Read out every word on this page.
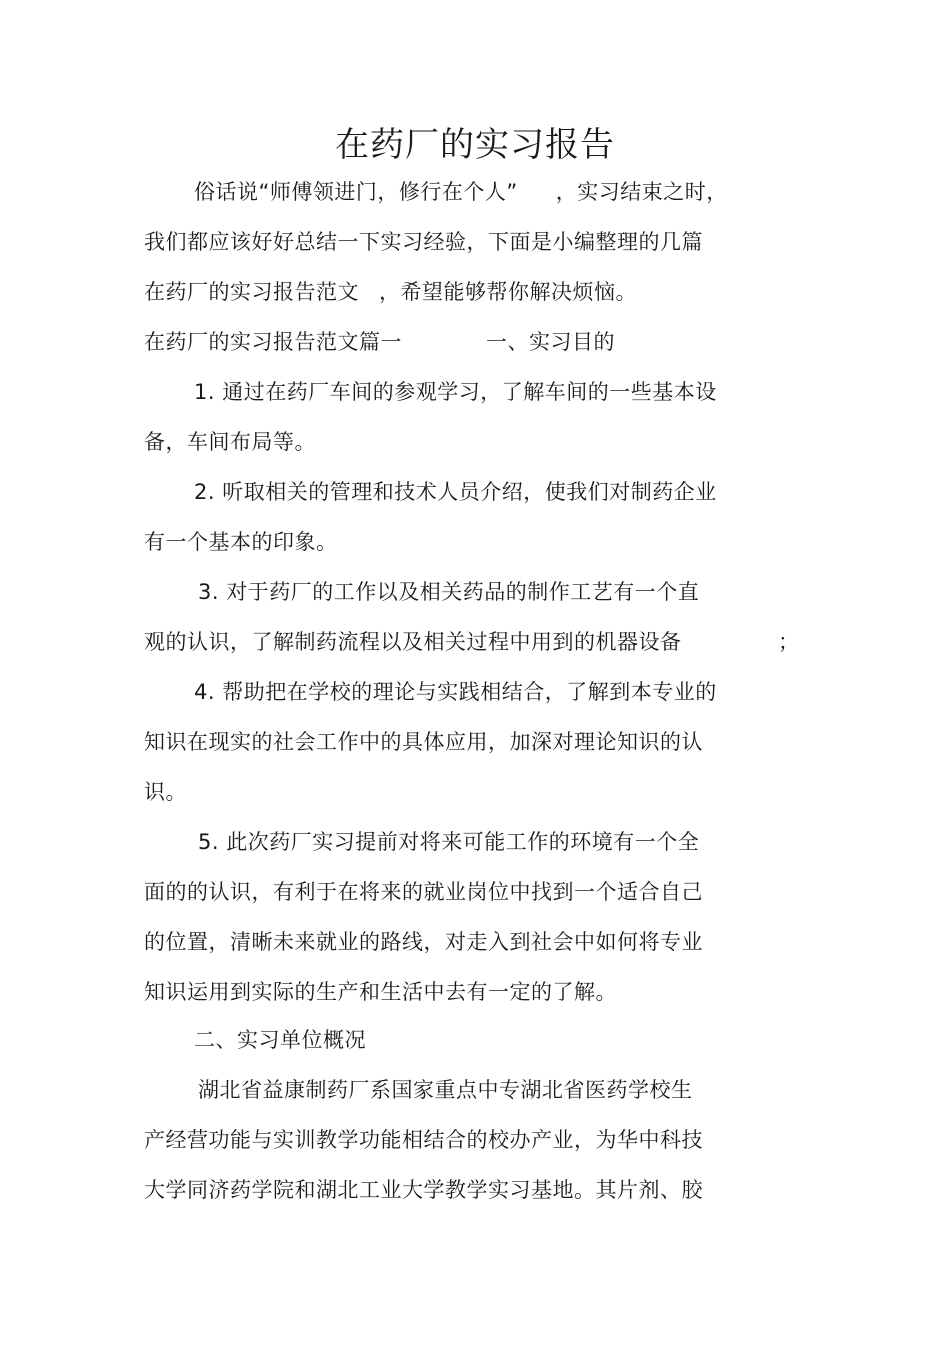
在药厂的实习报告
俗话说“师傅领进门，修行在个人” ，实习结束之时，
我们都应该好好总结一下实习经验，下面是小编整理的几篇
在药厂的实习报告范文 ，希望能够帮你解决烦恼。
在药厂的实习报告范文篇一	一、实习目的
1. 通过在药厂车间的参观学习，了解车间的一些基本设
备，车间布局等。
2. 听取相关的管理和技术人员介绍，使我们对制药企业
有一个基本的印象。
3. 对于药厂的工作以及相关药品的制作工艺有一个直
观的认识，了解制药流程以及相关过程中用到的机器设备	；
4. 帮助把在学校的理论与实践相结合，了解到本专业的
知识在现实的社会工作中的具体应用，加深对理论知识的认
识。
5. 此次药厂实习提前对将来可能工作的环境有一个全
面的的认识，有利于在将来的就业岗位中找到一个适合自己
的位置，清晰未来就业的路线，对走入到社会中如何将专业
知识运用到实际的生产和生活中去有一定的了解。
二、实习单位概况
湖北省益康制药厂系国家重点中专湖北省医药学校生
产经营功能与实训教学功能相结合的校办产业，为华中科技
大学同济药学院和湖北工业大学教学实习基地。其片剂、胶
